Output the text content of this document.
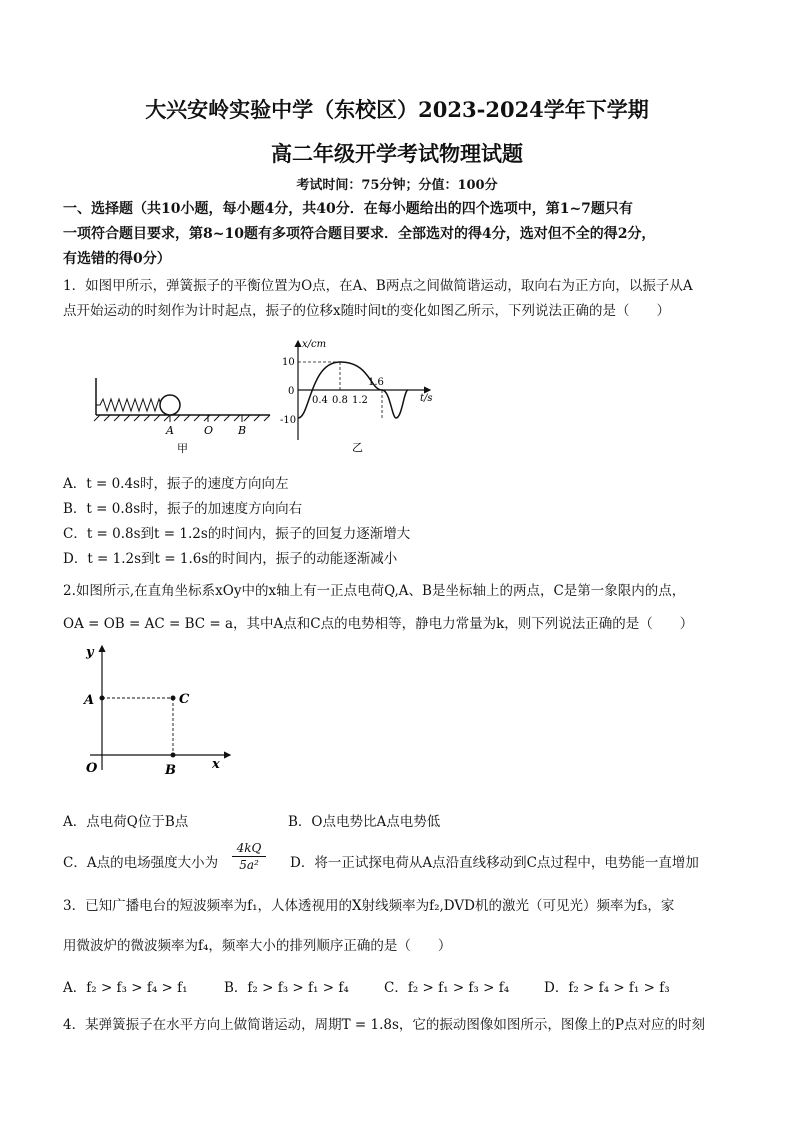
大兴安岭实验中学（东校区）2023-2024学年下学期
高二年级开学考试物理试题
考试时间：75分钟；分值：100分
一、选择题（共10小题，每小题4分，共40分．在每小题给出的四个选项中，第1~7题只有
一项符合题目要求，第8~10题有多项符合题目要求．全部选对的得4分，选对但不全的得2分，
有选错的得0分）
1．如图甲所示，弹簧振子的平衡位置为O点，在A、B两点之间做简谐运动，取向右为正方向，以振子从A
点开始运动的时刻作为计时起点，振子的位移x随时间t的变化如图乙所示，下列说法正确的是（　　）
A	O B
甲
x/cm
t/s
10
0
-10
0.4 0.8 1.2
1.6
乙
A．t = 0.4s时，振子的速度方向向左
B．t = 0.8s时，振子的加速度方向向右
C．t = 0.8s到t = 1.2s的时间内，振子的回复力逐渐增大
D．t = 1.2s到t = 1.6s的时间内，振子的动能逐渐减小
2.如图所示,在直角坐标系xOy中的x轴上有一正点电荷Q,A、B是坐标轴上的两点，C是第一象限内的点，
OA = OB = AC = BC = a，其中A点和C点的电势相等，静电力常量为k，则下列说法正确的是（　　）
y
x
O
A
B
C
A．点电荷Q位于B点	B．O点电势比A点电势低
C．A点的电场强度大小为 $\frac{4kQ}{\text{5a²}}$ D．将一正试探电荷从A点沿直线移动到C点过程中，电势能一直增加
3．已知广播电台的短波频率为f₁，人体透视用的X射线频率为f₂,DVD机的激光（可见光）频率为f₃，家
用微波炉的微波频率为f₄，频率大小的排列顺序正确的是（　　）
A．f₂ > f₃ > f₄ > f₁	B．f₂ > f₃ > f₁ > f₄	C．f₂ > f₁ > f₃ > f₄	D．f₂ > f₄ > f₁ > f₃
4．某弹簧振子在水平方向上做简谐运动，周期T = 1.8s，它的振动图像如图所示，图像上的P点对应的时刻
